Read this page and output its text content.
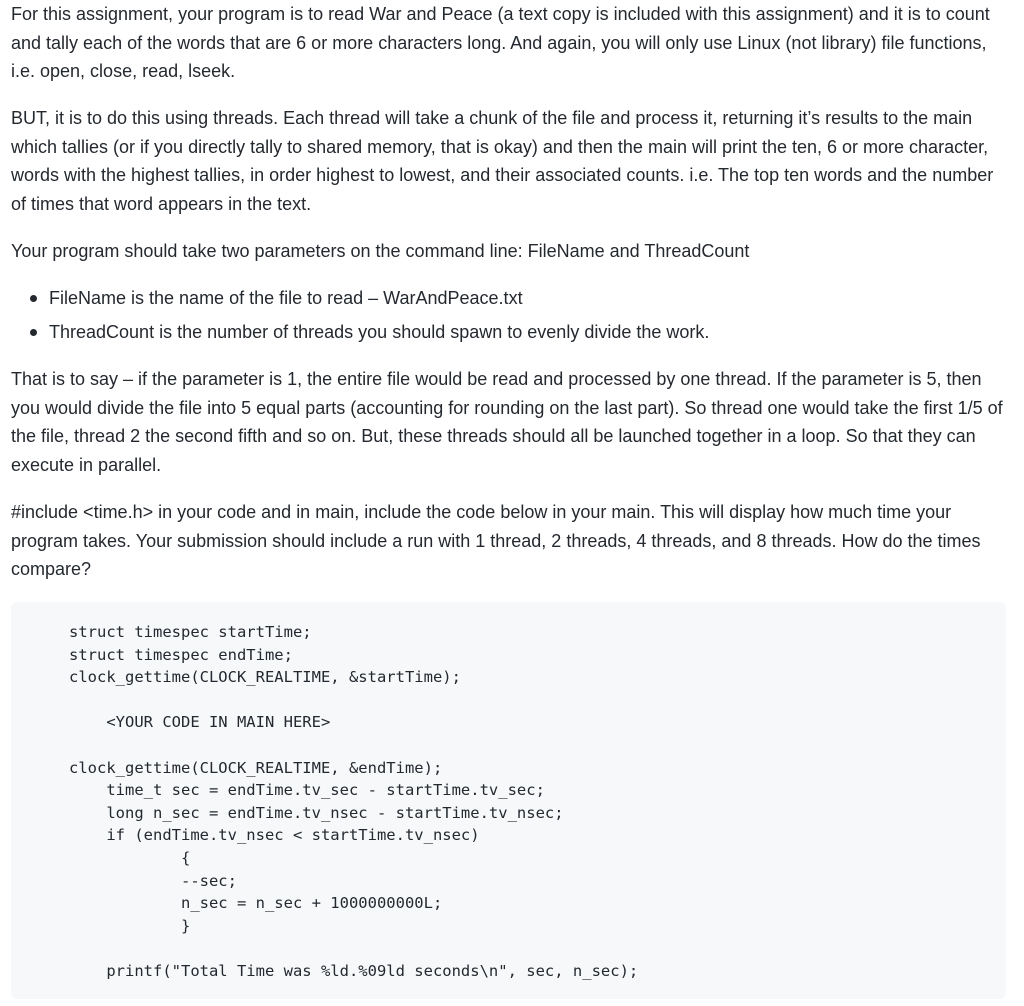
For this assignment, your program is to read War and Peace (a text copy is included with this assignment) and it is to count and tally each of the words that are 6 or more characters long. And again, you will only use Linux (not library) file functions, i.e. open, close, read, lseek.

BUT, it is to do this using threads. Each thread will take a chunk of the file and process it, returning it’s results to the main which tallies (or if you directly tally to shared memory, that is okay) and then the main will print the ten, 6 or more character, words with the highest tallies, in order highest to lowest, and their associated counts. i.e. The top ten words and the number of times that word appears in the text.

Your program should take two parameters on the command line: FileName and ThreadCount

FileName is the name of the file to read – WarAndPeace.txt
ThreadCount is the number of threads you should spawn to evenly divide the work.

That is to say – if the parameter is 1, the entire file would be read and processed by one thread. If the parameter is 5, then you would divide the file into 5 equal parts (accounting for rounding on the last part). So thread one would take the first 1/5 of the file, thread 2 the second fifth and so on. But, these threads should all be launched together in a loop. So that they can execute in parallel.

#include <time.h> in your code and in main, include the code below in your main. This will display how much time your program takes. Your submission should include a run with 1 thread, 2 threads, 4 threads, and 8 threads. How do the times compare?

struct timespec startTime;
struct timespec endTime;
clock_gettime(CLOCK_REALTIME, &startTime);

<YOUR CODE IN MAIN HERE>

clock_gettime(CLOCK_REALTIME, &endTime);
time_t sec = endTime.tv_sec - startTime.tv_sec;
long n_sec = endTime.tv_nsec - startTime.tv_nsec;
if (endTime.tv_nsec < startTime.tv_nsec)
{
--sec;
n_sec = n_sec + 1000000000L;
}

printf("Total Time was %ld.%09ld seconds\n", sec, n_sec);
